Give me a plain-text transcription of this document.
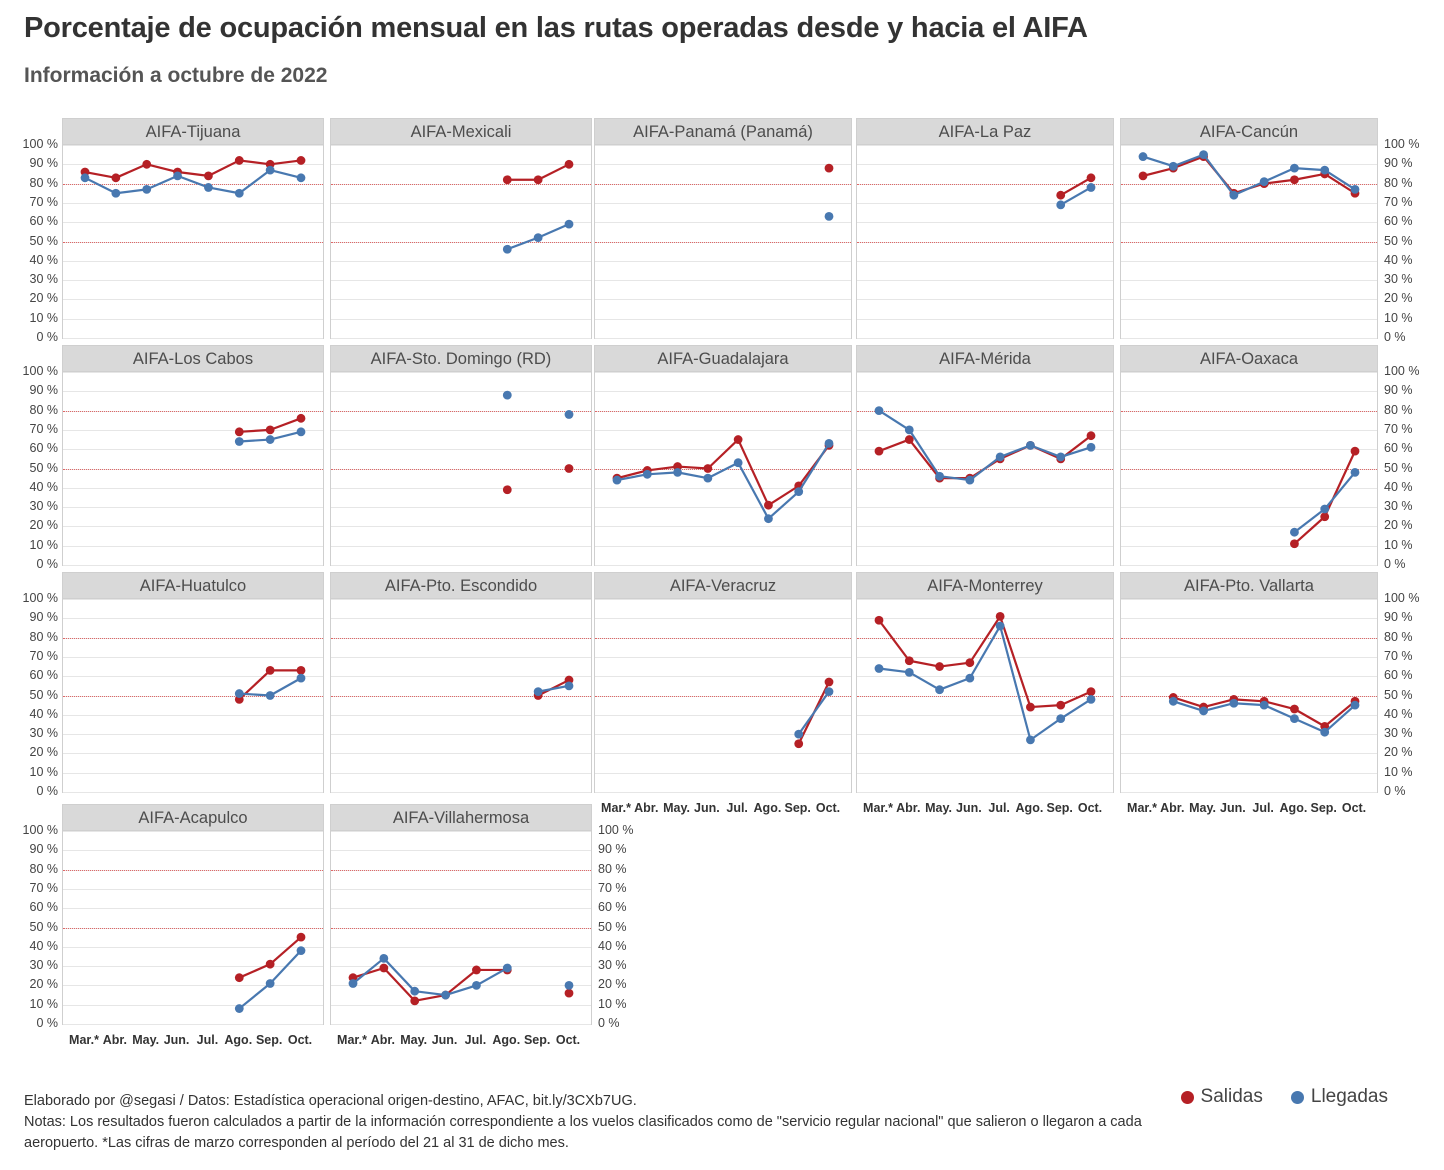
Porcentaje de ocupación mensual en las rutas operadas desde y hacia el AIFA
Información a octubre de 2022
AIFA-Tijuana
0 %
10 %
20 %
30 %
40 %
50 %
60 %
70 %
80 %
90 %
100 %
AIFA-Mexicali	AIFA-Panamá (Panamá)	AIFA-La Paz	AIFA-Cancún
0 %
10 %
20 %
30 %
40 %
50 %
60 %
70 %
80 %
90 %
100 %
AIFA-Los Cabos
0 %
10 %
20 %
30 %
40 %
50 %
60 %
70 %
80 %
90 %
100 %
AIFA-Sto. Domingo (RD)	AIFA-Guadalajara	AIFA-Mérida	AIFA-Oaxaca
0 %
10 %
20 %
30 %
40 %
50 %
60 %
70 %
80 %
90 %
100 %
AIFA-Huatulco
0 %
10 %
20 %
30 %
40 %
50 %
60 %
70 %
80 %
90 %
100 %
AIFA-Pto. Escondido	AIFA-Veracruz
Mar.* Abr. May. Jun. Jul. Ago. Sep. Oct.
AIFA-Monterrey
Mar.* Abr. May. Jun. Jul. Ago. Sep. Oct.
AIFA-Pto. Vallarta
0 %
10 %
20 %
30 %
40 %
50 %
60 %
70 %
80 %
90 %
100 %
Mar.* Abr. May. Jun. Jul. Ago. Sep. Oct.
AIFA-Acapulco
0 %
10 %
20 %
30 %
40 %
50 %
60 %
70 %
80 %
90 %
100 %
Mar.* Abr. May. Jun. Jul. Ago. Sep. Oct.
AIFA-Villahermosa
0 %
10 %
20 %
30 %
40 %
50 %
60 %
70 %
80 %
90 %
100 %
Mar.* Abr. May. Jun. Jul. Ago. Sep. Oct.
Salidas	Llegadas
Elaborado por @segasi / Datos: Estadística operacional origen-destino, AFAC, bit.ly/3CXb7UG.
Notas: Los resultados fueron calculados a partir de la información correspondiente a los vuelos clasificados como de "servicio regular nacional" que salieron o llegaron a cada
aeropuerto. *Las cifras de marzo corresponden al período del 21 al 31 de dicho mes.
